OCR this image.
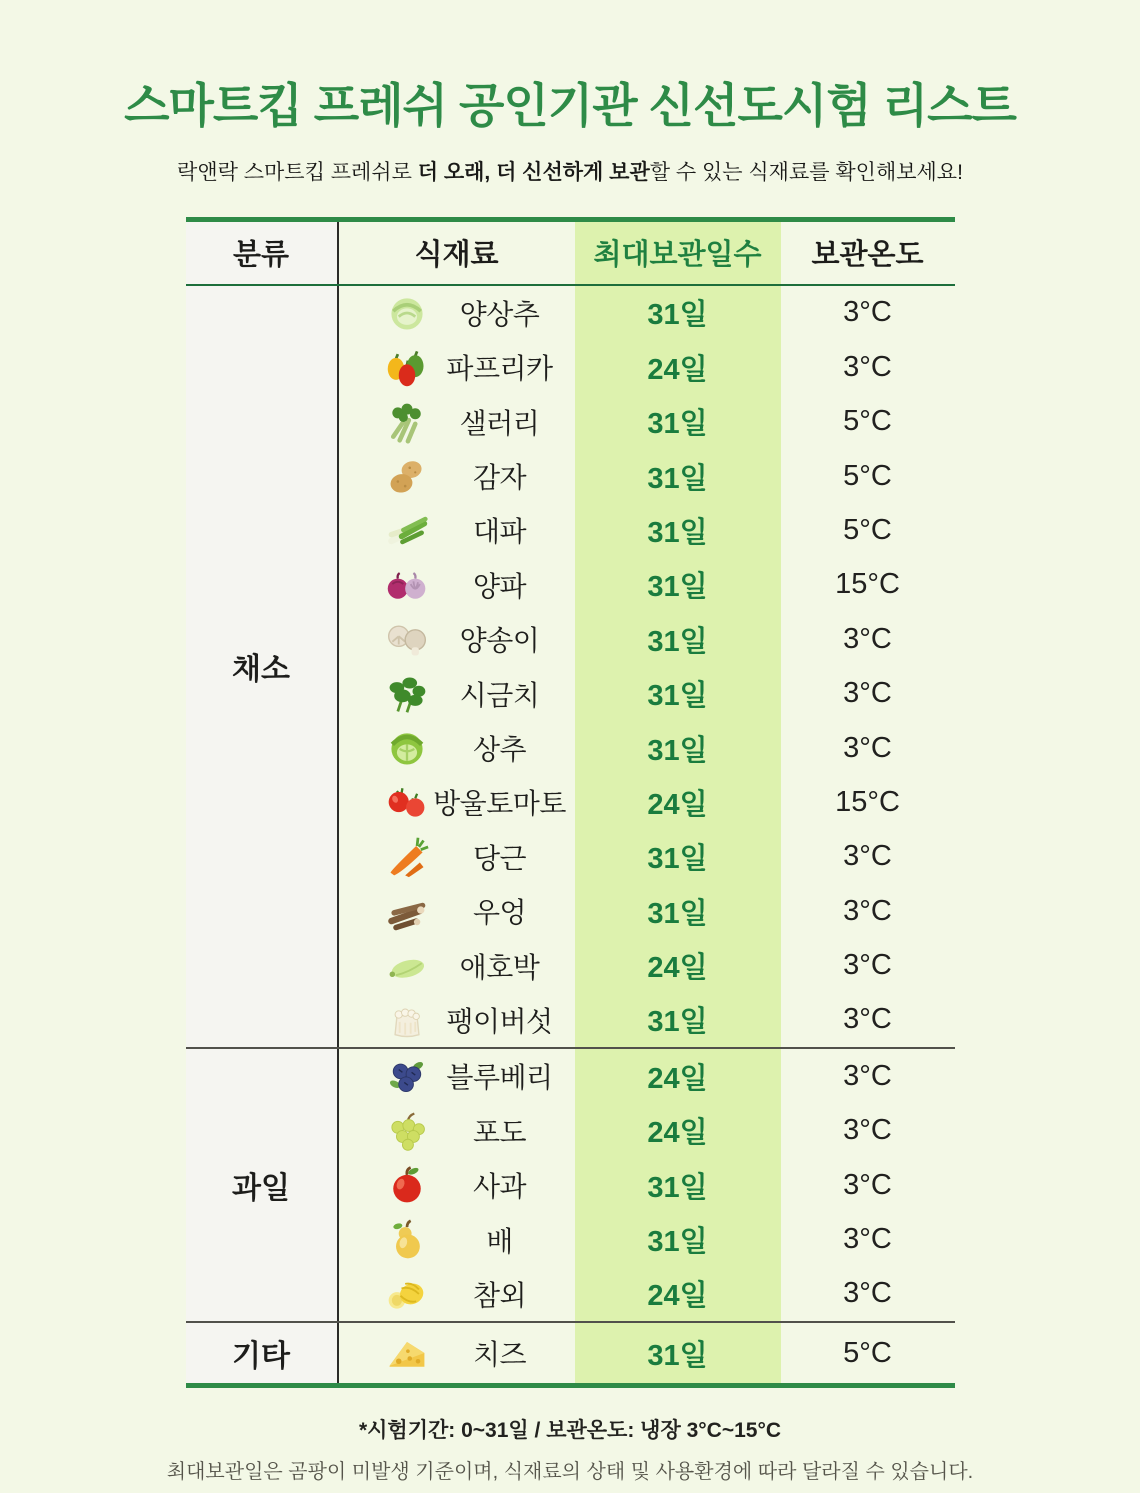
스마트킵 프레쉬 공인기관 신선도시험 리스트

락앤락 스마트킵 프레쉬로 더 오래, 더 신선하게 보관할 수 있는 식재료를 확인해보세요!

분류	식재료	최대보관일수	보관온도
채소
양상추	31일	3°C
파프리카	24일	3°C
샐러리	31일	5°C
감자	31일	5°C
대파	31일	5°C
양파	31일	15°C
양송이	31일	3°C
시금치	31일	3°C
상추	31일	3°C
방울토마토	24일	15°C
당근	31일	3°C
우엉	31일	3°C
애호박	24일	3°C
팽이버섯	31일	3°C
과일
블루베리	24일	3°C
포도	24일	3°C
사과	31일	3°C
배	31일	3°C
참외	24일	3°C
기타	치즈	31일	5°C

*시험기간: 0~31일 / 보관온도: 냉장 3°C~15°C

최대보관일은 곰팡이 미발생 기준이며, 식재료의 상태 및 사용환경에 따라 달라질 수 있습니다.
